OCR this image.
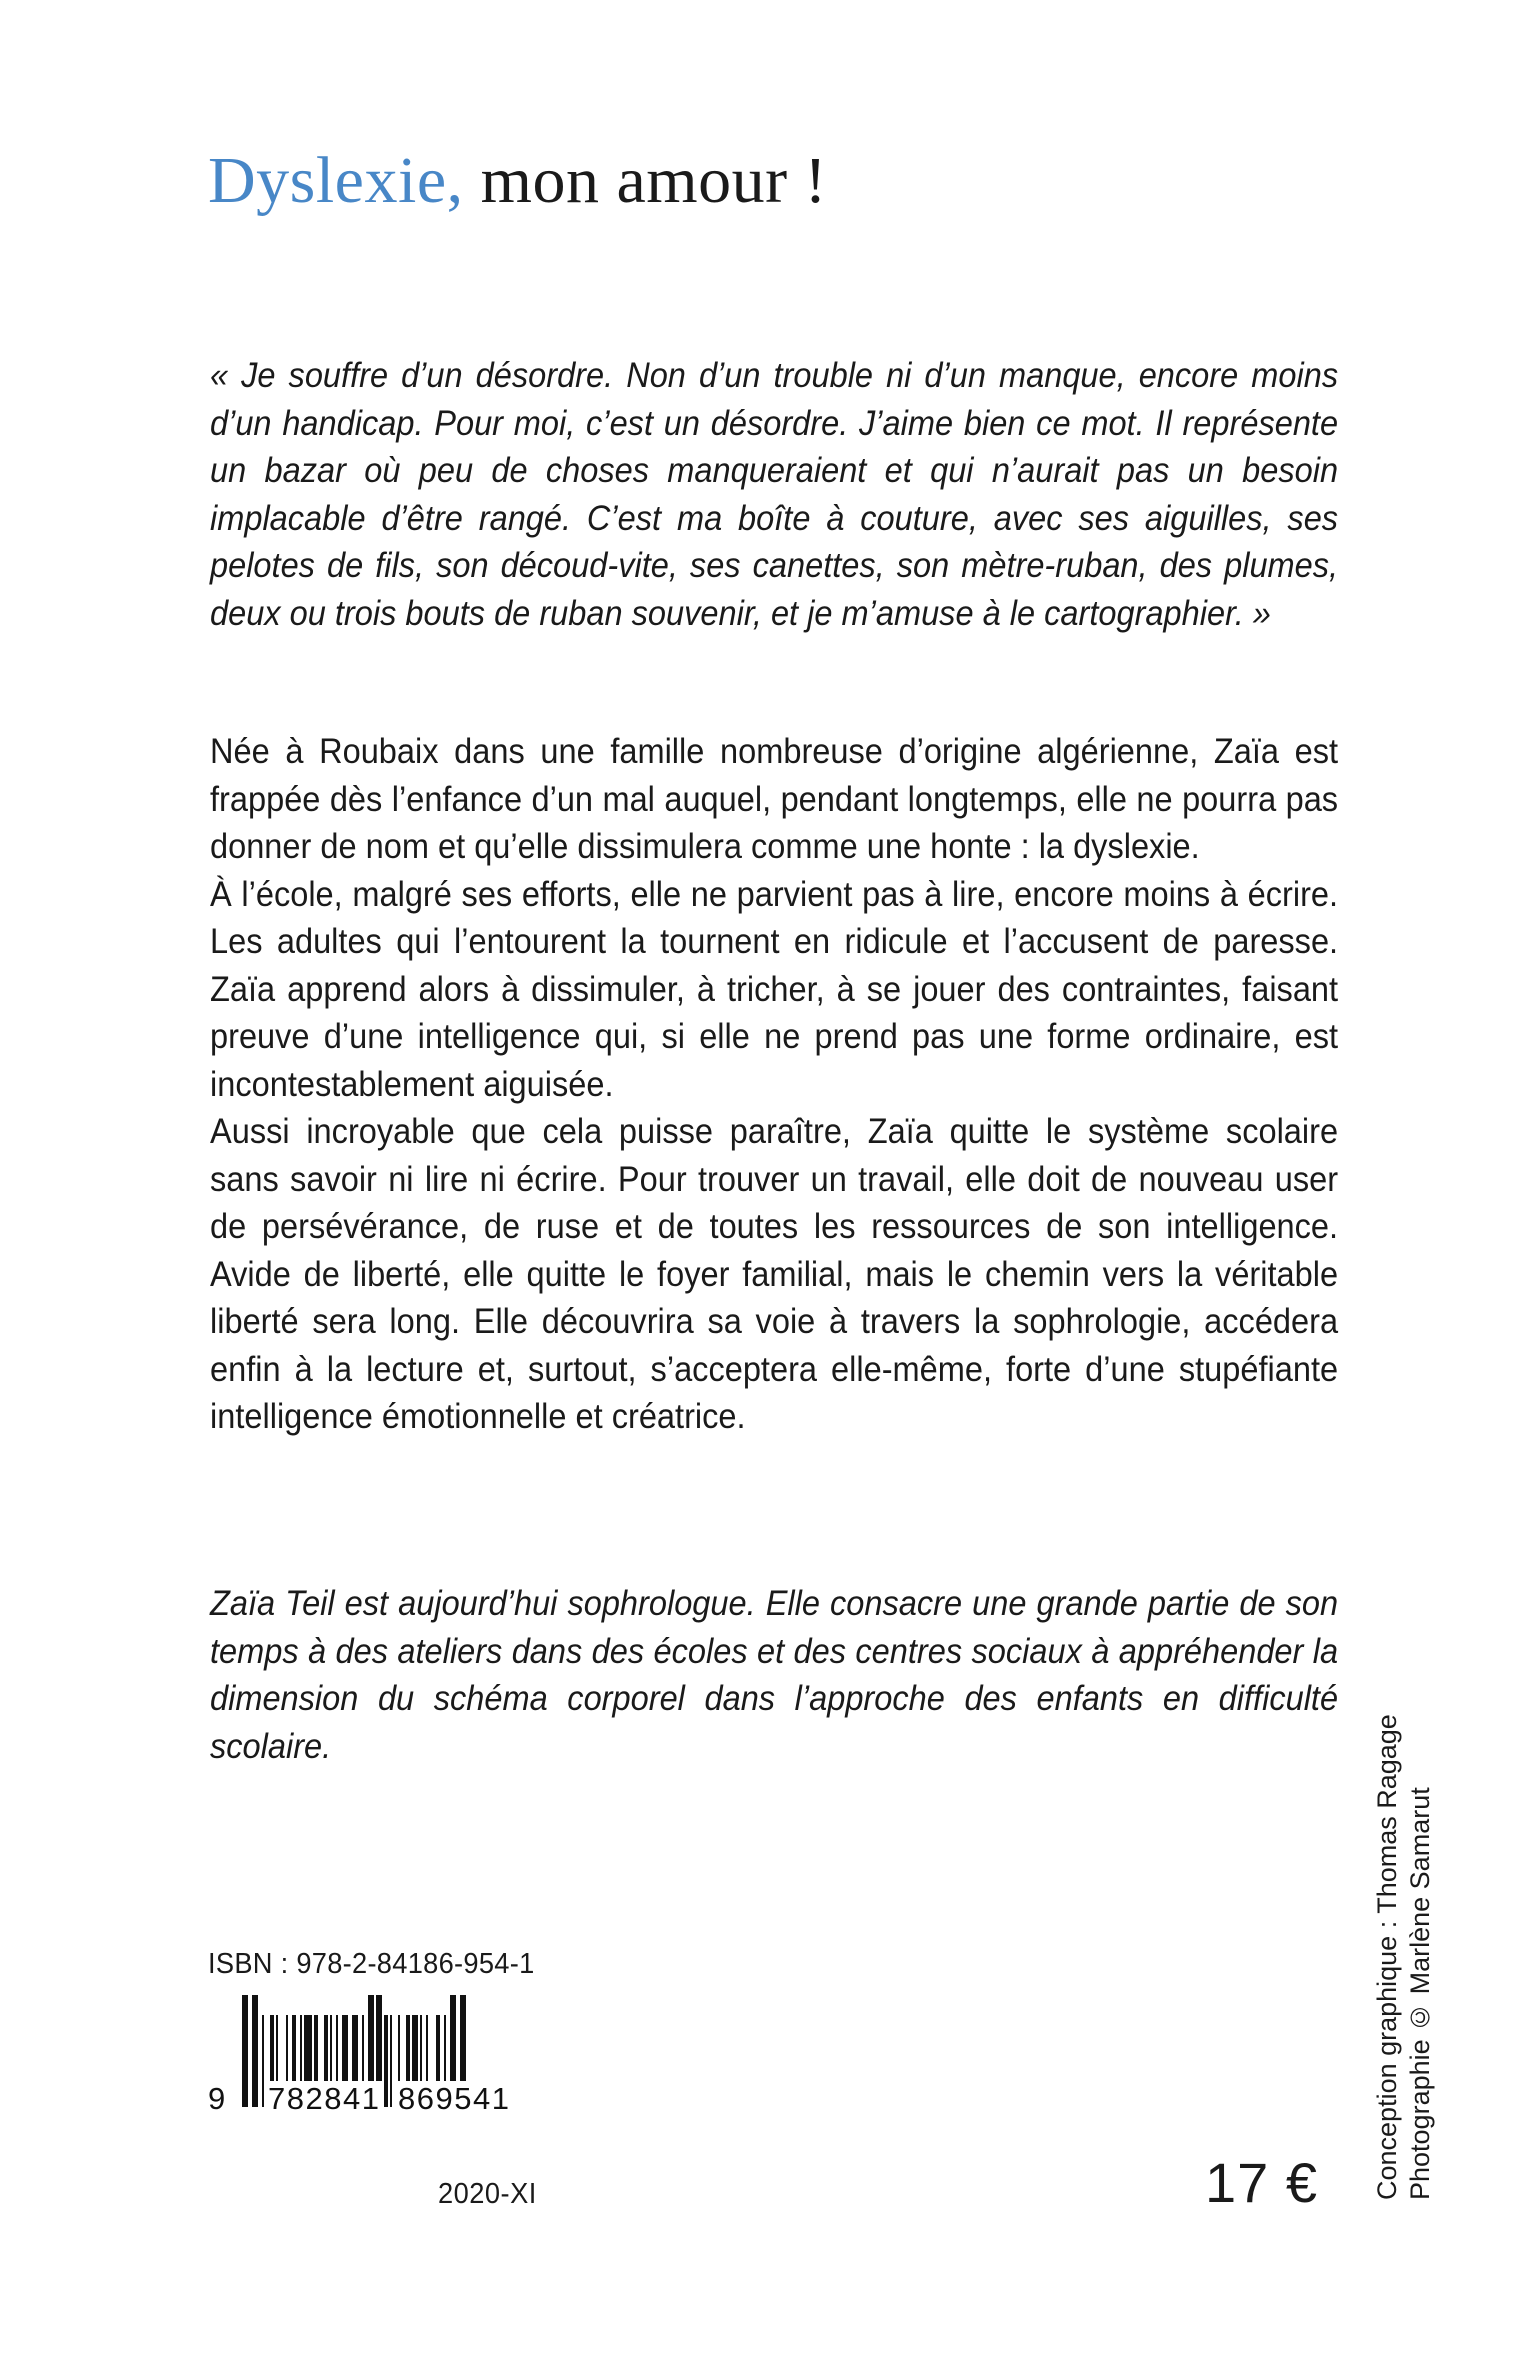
Dyslexie, mon amour !
« Je souffre d’un désordre. Non d’un trouble ni d’un manque, encore moins d’un handicap. Pour moi, c’est un désordre. J’aime bien ce mot. Il représente un bazar où peu de choses manqueraient et qui n’aurait pas un besoin implacable d’être rangé. C’est ma boîte à couture, avec ses aiguilles, ses pelotes de fils, son découd-vite, ses canettes, son mètre-ruban, des plumes, deux ou trois bouts de ruban souvenir, et je m’amuse à le cartographier. »
Née à Roubaix dans une famille nombreuse d’origine algérienne, Zaïa est frappée dès l’enfance d’un mal auquel, pendant longtemps, elle ne pourra pas donner de nom et qu’elle dissimulera comme une honte : la dyslexie.
À l’école, malgré ses efforts, elle ne parvient pas à lire, encore moins à écrire. Les adultes qui l’entourent la tournent en ridicule et l’accusent de paresse. Zaïa apprend alors à dissimuler, à tricher, à se jouer des contraintes, faisant preuve d’une intelligence qui, si elle ne prend pas une forme ordinaire, est incontestablement aiguisée.
Aussi incroyable que cela puisse paraître, Zaïa quitte le système scolaire sans savoir ni lire ni écrire. Pour trouver un travail, elle doit de nouveau user de persévérance, de ruse et de toutes les ressources de son intelligence. Avide de liberté, elle quitte le foyer familial, mais le chemin vers la véritable liberté sera long. Elle découvrira sa voie à travers la sophrologie, accédera enfin à la lecture et, surtout, s’acceptera elle-même, forte d’une stupéfiante intelligence émotionnelle et créatrice.
Zaïa Teil est aujourd’hui sophrologue. Elle consacre une grande partie de son temps à des ateliers dans des écoles et des centres sociaux à appréhender la dimension du schéma corporel dans l’approche des enfants en difficulté scolaire.
ISBN : 978-2-84186-954-1
9 782841 869541
2020-XI	17 € Conception graphique : Thomas Ragage Photographie © Marlène Samarut
